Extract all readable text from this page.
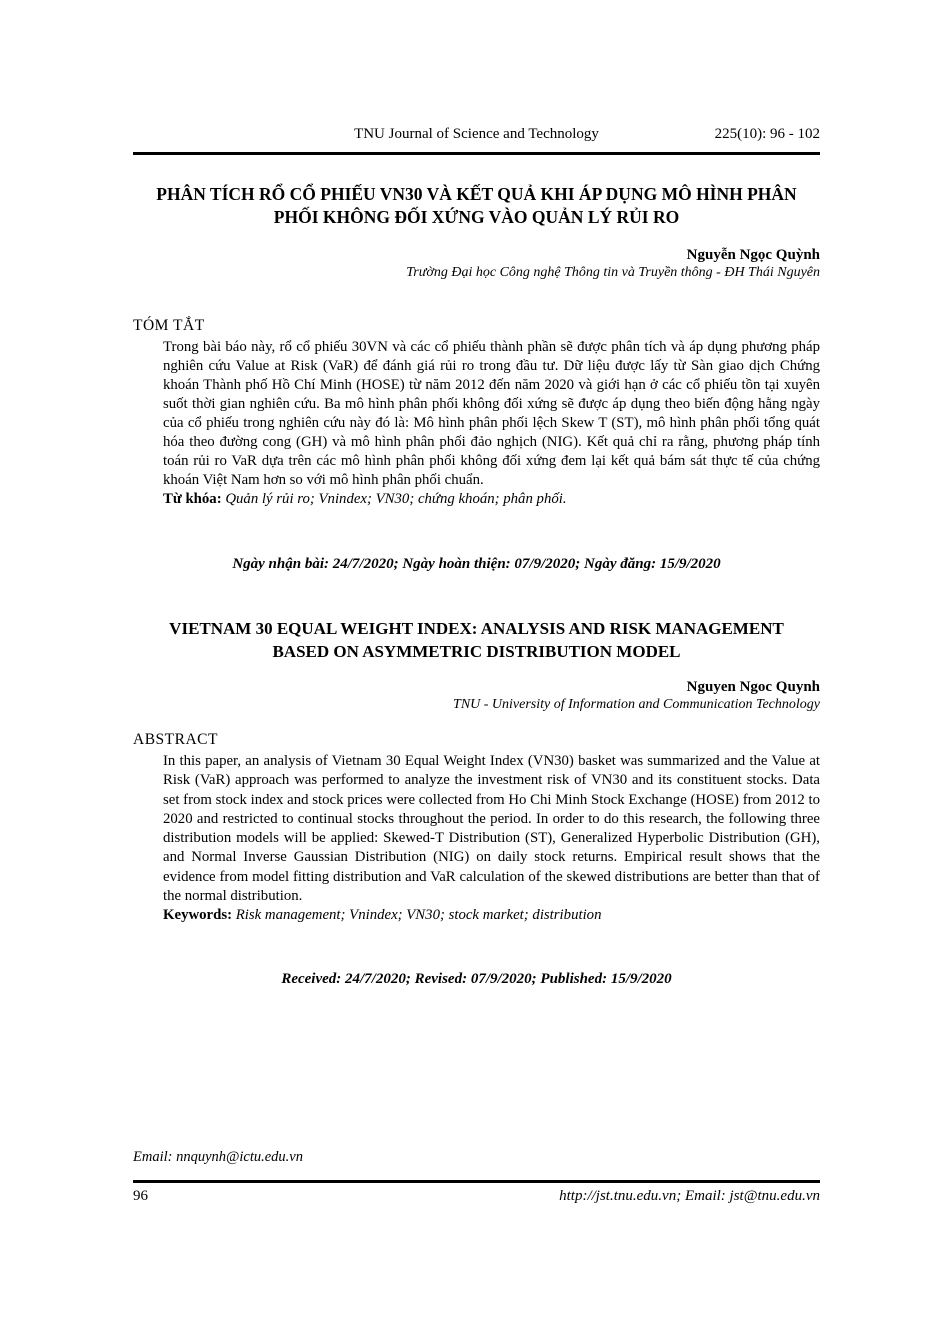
TNU Journal of Science and Technology	225(10): 96 - 102
PHÂN TÍCH RỔ CỔ PHIẾU VN30 VÀ KẾT QUẢ KHI ÁP DỤNG MÔ HÌNH PHÂN PHỐI KHÔNG ĐỐI XỨNG VÀO QUẢN LÝ RỦI RO
Nguyễn Ngọc Quỳnh
Trường Đại học Công nghệ Thông tin và Truyền thông - ĐH Thái Nguyên
TÓM TẮT
Trong bài báo này, rổ cổ phiếu 30VN và các cổ phiếu thành phần sẽ được phân tích và áp dụng phương pháp nghiên cứu Value at Risk (VaR) để đánh giá rủi ro trong đầu tư. Dữ liệu được lấy từ Sàn giao dịch Chứng khoán Thành phố Hồ Chí Minh (HOSE) từ năm 2012 đến năm 2020 và giới hạn ở các cổ phiếu tồn tại xuyên suốt thời gian nghiên cứu. Ba mô hình phân phối không đối xứng sẽ được áp dụng theo biến động hằng ngày của cổ phiếu trong nghiên cứu này đó là: Mô hình phân phối lệch Skew T (ST), mô hình phân phối tổng quát hóa theo đường cong (GH) và mô hình phân phối đảo nghịch (NIG). Kết quả chỉ ra rằng, phương pháp tính toán rủi ro VaR dựa trên các mô hình phân phối không đối xứng đem lại kết quả bám sát thực tế của chứng khoán Việt Nam hơn so với mô hình phân phối chuẩn.
Từ khóa: Quản lý rủi ro; Vnindex; VN30; chứng khoán; phân phối.
Ngày nhận bài: 24/7/2020; Ngày hoàn thiện: 07/9/2020; Ngày đăng: 15/9/2020
VIETNAM 30 EQUAL WEIGHT INDEX: ANALYSIS AND RISK MANAGEMENT BASED ON ASYMMETRIC DISTRIBUTION MODEL
Nguyen Ngoc Quynh
TNU - University of Information and Communication Technology
ABSTRACT
In this paper, an analysis of Vietnam 30 Equal Weight Index (VN30) basket was summarized and the Value at Risk (VaR) approach was performed to analyze the investment risk of VN30 and its constituent stocks. Data set from stock index and stock prices were collected from Ho Chi Minh Stock Exchange (HOSE) from 2012 to 2020 and restricted to continual stocks throughout the period. In order to do this research, the following three distribution models will be applied: Skewed-T Distribution (ST), Generalized Hyperbolic Distribution (GH), and Normal Inverse Gaussian Distribution (NIG) on daily stock returns. Empirical result shows that the evidence from model fitting distribution and VaR calculation of the skewed distributions are better than that of the normal distribution.
Keywords: Risk management; Vnindex; VN30; stock market; distribution
Received: 24/7/2020; Revised: 07/9/2020; Published: 15/9/2020
Email: nnquynh@ictu.edu.vn
96	http://jst.tnu.edu.vn; Email: jst@tnu.edu.vn
